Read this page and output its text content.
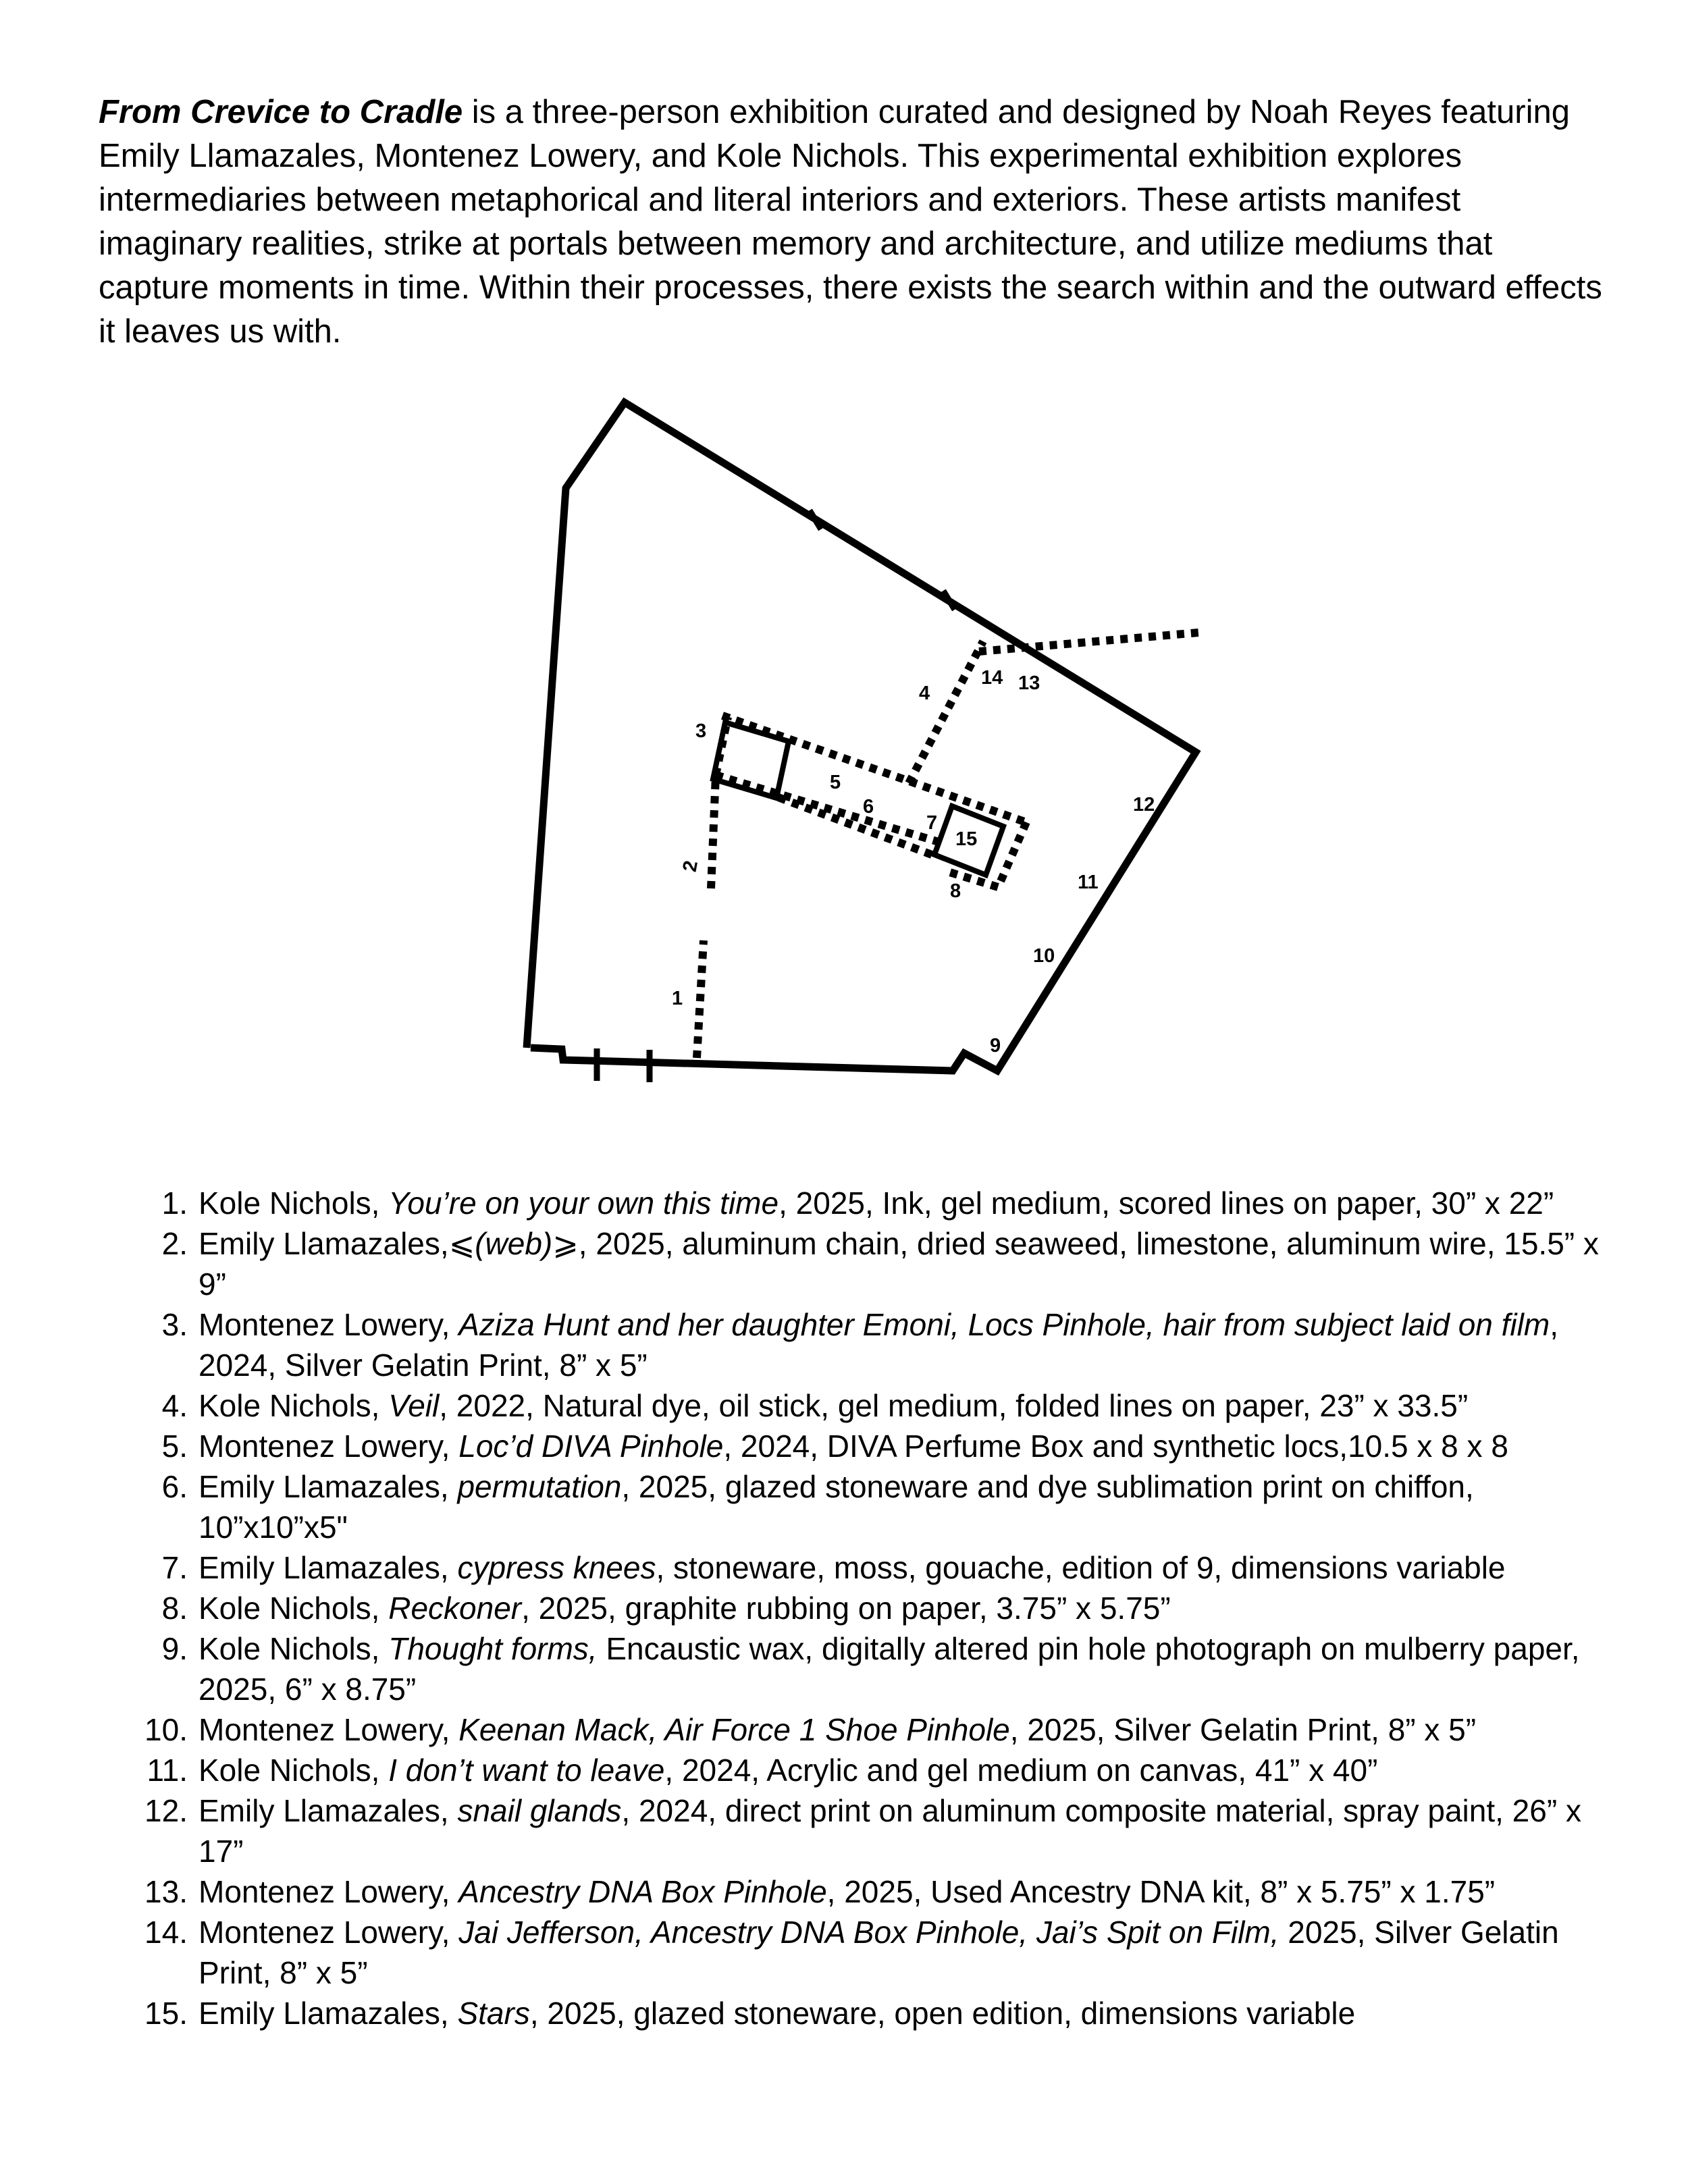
From Crevice to Cradle is a three-person exhibition curated and designed by Noah Reyes featuring Emily Llamazales, Montenez Lowery, and Kole Nichols. This experimental exhibition explores intermediaries between metaphorical and literal interiors and exteriors. These artists manifest imaginary realities, strike at portals between memory and architecture, and utilize mediums that capture moments in time. Within their processes, there exists the search within and the outward effects it leaves us with.

1
2
3
4
5
6
7
8
9
10
11
12
13
14
15
1. Kole Nichols, You’re on your own this time, 2025, Ink, gel medium, scored lines on paper, 30” x 22”
2. Emily Llamazales,⩽(web)⩾, 2025, aluminum chain, dried seaweed, limestone, aluminum wire, 15.5” x 9”
3. Montenez Lowery, Aziza Hunt and her daughter Emoni, Locs Pinhole, hair from subject laid on film, 2024, Silver Gelatin Print, 8” x 5”
4. Kole Nichols, Veil, 2022, Natural dye, oil stick, gel medium, folded lines on paper, 23” x 33.5”
5. Montenez Lowery, Loc’d DIVA Pinhole, 2024, DIVA Perfume Box and synthetic locs,10.5 x 8 x 8
6. Emily Llamazales, permutation, 2025, glazed stoneware and dye sublimation print on chiffon, 10”x10”x5"
7. Emily Llamazales, cypress knees, stoneware, moss, gouache, edition of 9, dimensions variable
8. Kole Nichols, Reckoner, 2025, graphite rubbing on paper, 3.75” x 5.75”
9. Kole Nichols, Thought forms, Encaustic wax, digitally altered pin hole photograph on mulberry paper, 2025, 6” x 8.75”
10. Montenez Lowery, Keenan Mack, Air Force 1 Shoe Pinhole, 2025, Silver Gelatin Print, 8” x 5”
11. Kole Nichols, I don’t want to leave, 2024, Acrylic and gel medium on canvas, 41” x 40”
12. Emily Llamazales, snail glands, 2024, direct print on aluminum composite material, spray paint, 26” x 17”
13. Montenez Lowery, Ancestry DNA Box Pinhole, 2025, Used Ancestry DNA kit, 8” x 5.75” x 1.75”
14. Montenez Lowery, Jai Jefferson, Ancestry DNA Box Pinhole, Jai’s Spit on Film, 2025, Silver Gelatin Print, 8” x 5”
15. Emily Llamazales, Stars, 2025, glazed stoneware, open edition, dimensions variable
